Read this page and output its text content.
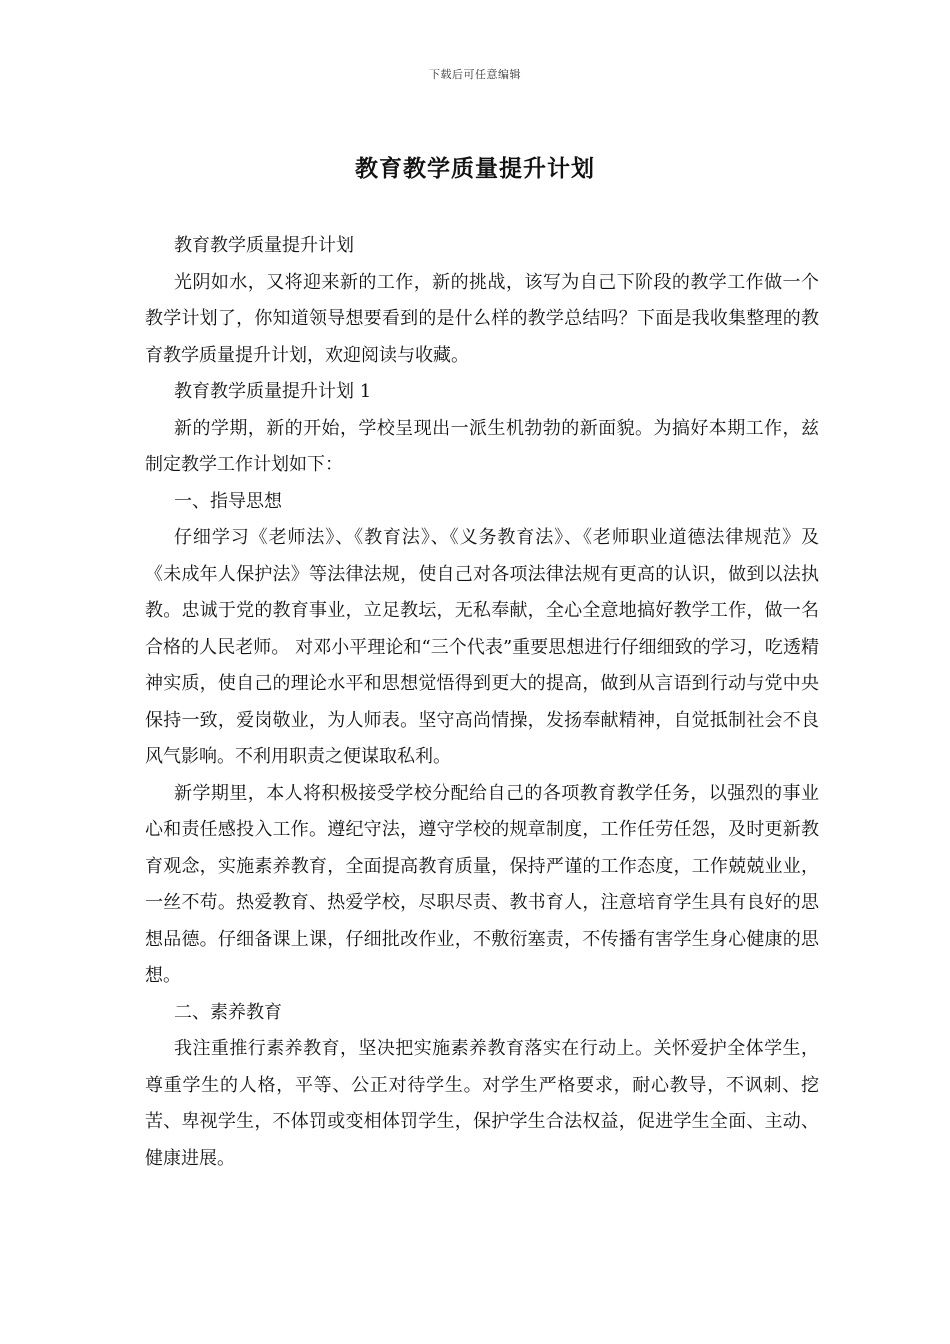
下载后可任意编辑
教育教学质量提升计划

教育教学质量提升计划

光阴如水，又将迎来新的工作，新的挑战，该写为自己下阶段的教学工作做一个教学计划了，你知道领导想要看到的是什么样的教学总结吗？下面是我收集整理的教育教学质量提升计划，欢迎阅读与收藏。

教育教学质量提升计划 1

新的学期，新的开始，学校呈现出一派生机勃勃的新面貌。为搞好本期工作，兹制定教学工作计划如下：

一、指导思想

仔细学习《老师法》、《教育法》、《义务教育法》、《老师职业道德法律规范》及《未成年人保护法》等法律法规，使自己对各项法律法规有更高的认识，做到以法执教。忠诚于党的教育事业，立足教坛，无私奉献，全心全意地搞好教学工作，做一名合格的人民老师。 对邓小平理论和“三个代表”重要思想进行仔细细致的学习，吃透精神实质，使自己的理论水平和思想觉悟得到更大的提高，做到从言语到行动与党中央保持一致，爱岗敬业，为人师表。坚守高尚情操，发扬奉献精神，自觉抵制社会不良风气影响。不利用职责之便谋取私利。

新学期里，本人将积极接受学校分配给自己的各项教育教学任务，以强烈的事业心和责任感投入工作。遵纪守法，遵守学校的规章制度，工作任劳任怨，及时更新教育观念，实施素养教育，全面提高教育质量，保持严谨的工作态度，工作兢兢业业，一丝不苟。热爱教育、热爱学校，尽职尽责、教书育人，注意培育学生具有良好的思想品德。仔细备课上课，仔细批改作业，不敷衍塞责，不传播有害学生身心健康的思想。

二、素养教育

我注重推行素养教育，坚决把实施素养教育落实在行动上。关怀爱护全体学生，尊重学生的人格，平等、公正对待学生。对学生严格要求，耐心教导，不讽刺、挖苦、卑视学生，不体罚或变相体罚学生，保护学生合法权益，促进学生全面、主动、健康进展。
